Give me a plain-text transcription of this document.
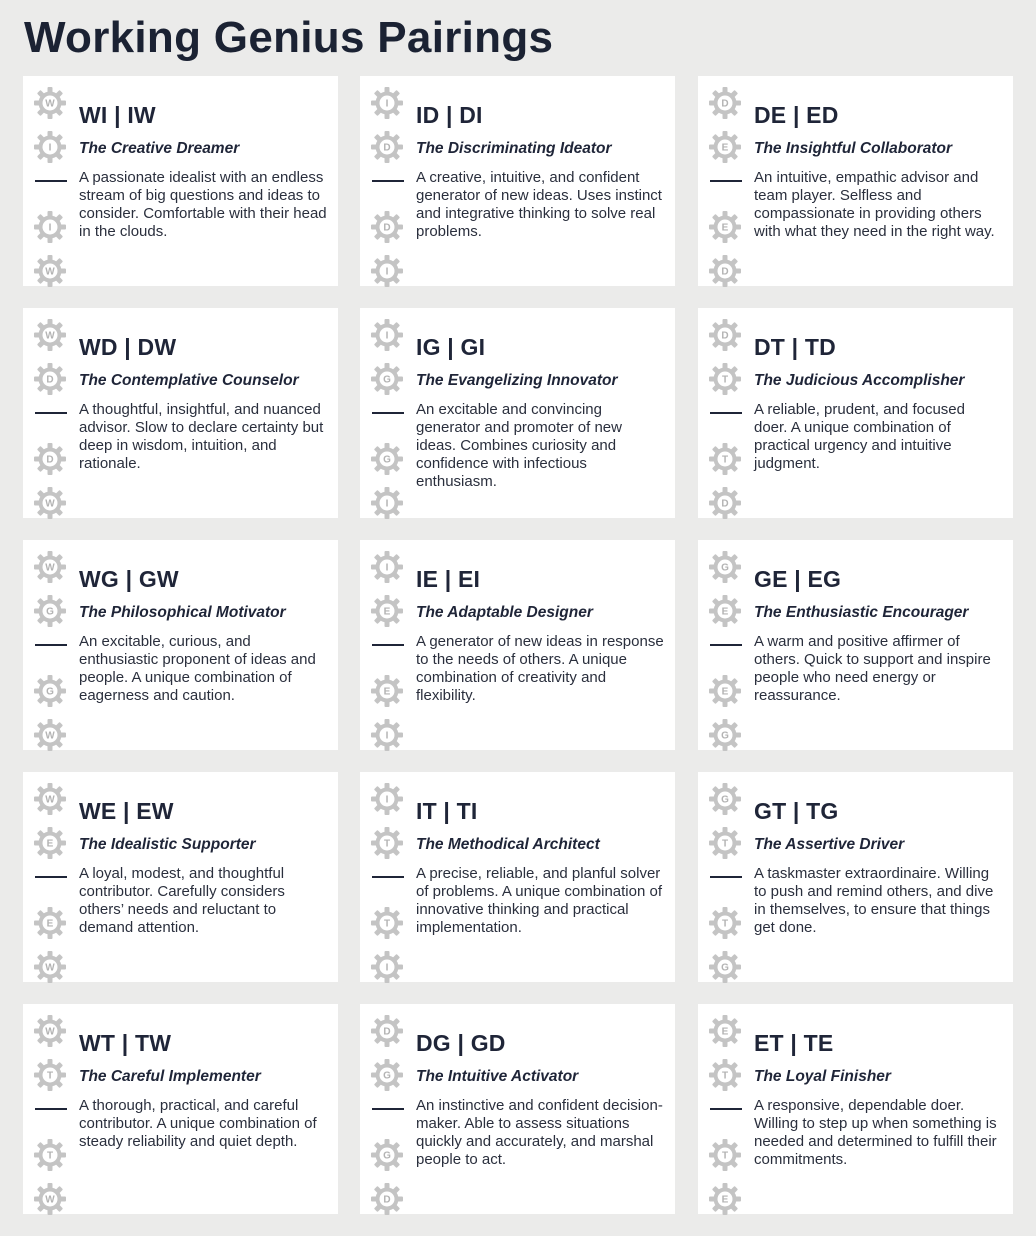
Working Genius Pairings
W
I
I
W
WI | IW
The Creative Dreamer
A passionate idealist with an endless stream of big questions and ideas to consider. Comfortable with their head in the clouds.
I
D
D
I
ID | DI
The Discriminating Ideator
A creative, intuitive, and confident generator of new ideas. Uses instinct and integrative thinking to solve real problems.
D
E
E
D
DE | ED
The Insightful Collaborator
An intuitive, empathic advisor and team player. Selfless and compassionate in providing others with what they need in the right way.
W
D
D
W
WD | DW
The Contemplative Counselor
A thoughtful, insightful, and nuanced advisor. Slow to declare certainty but deep in wisdom, intuition, and rationale.
I
G
G
I
IG | GI
The Evangelizing Innovator
An excitable and convincing generator and promoter of new ideas. Combines curiosity and confidence with infectious enthusiasm.
D
T
T
D
DT | TD
The Judicious Accomplisher
A reliable, prudent, and focused doer. A unique combination of practical urgency and intuitive judgment.
W
G
G
W
WG | GW
The Philosophical Motivator
An excitable, curious, and enthusiastic proponent of ideas and people. A unique combination of eagerness and caution.
I
E
E
I
IE | EI
The Adaptable Designer
A generator of new ideas in response to the needs of others. A unique combination of creativity and flexibility.
G
E
E
G
GE | EG
The Enthusiastic Encourager
A warm and positive affirmer of others. Quick to support and inspire people who need energy or reassurance.
W
E
E
W
WE | EW
The Idealistic Supporter
A loyal, modest, and thoughtful contributor. Carefully considers others’ needs and reluctant to demand attention.
I
T
T
I
IT | TI
The Methodical Architect
A precise, reliable, and planful solver of problems. A unique combination of innovative thinking and practical implementation.
G
T
T
G
GT | TG
The Assertive Driver
A taskmaster extraordinaire. Willing to push and remind others, and dive in themselves, to ensure that things get done.
W
T
T
W
WT | TW
The Careful Implementer
A thorough, practical, and careful contributor. A unique combination of steady reliability and quiet depth.
D
G
G
D
DG | GD
The Intuitive Activator
An instinctive and confident decision-maker. Able to assess situations quickly and accurately, and marshal people to act.
E
T
T
E
ET | TE
The Loyal Finisher
A responsive, dependable doer. Willing to step up when something is needed and determined to fulfill their commitments.
